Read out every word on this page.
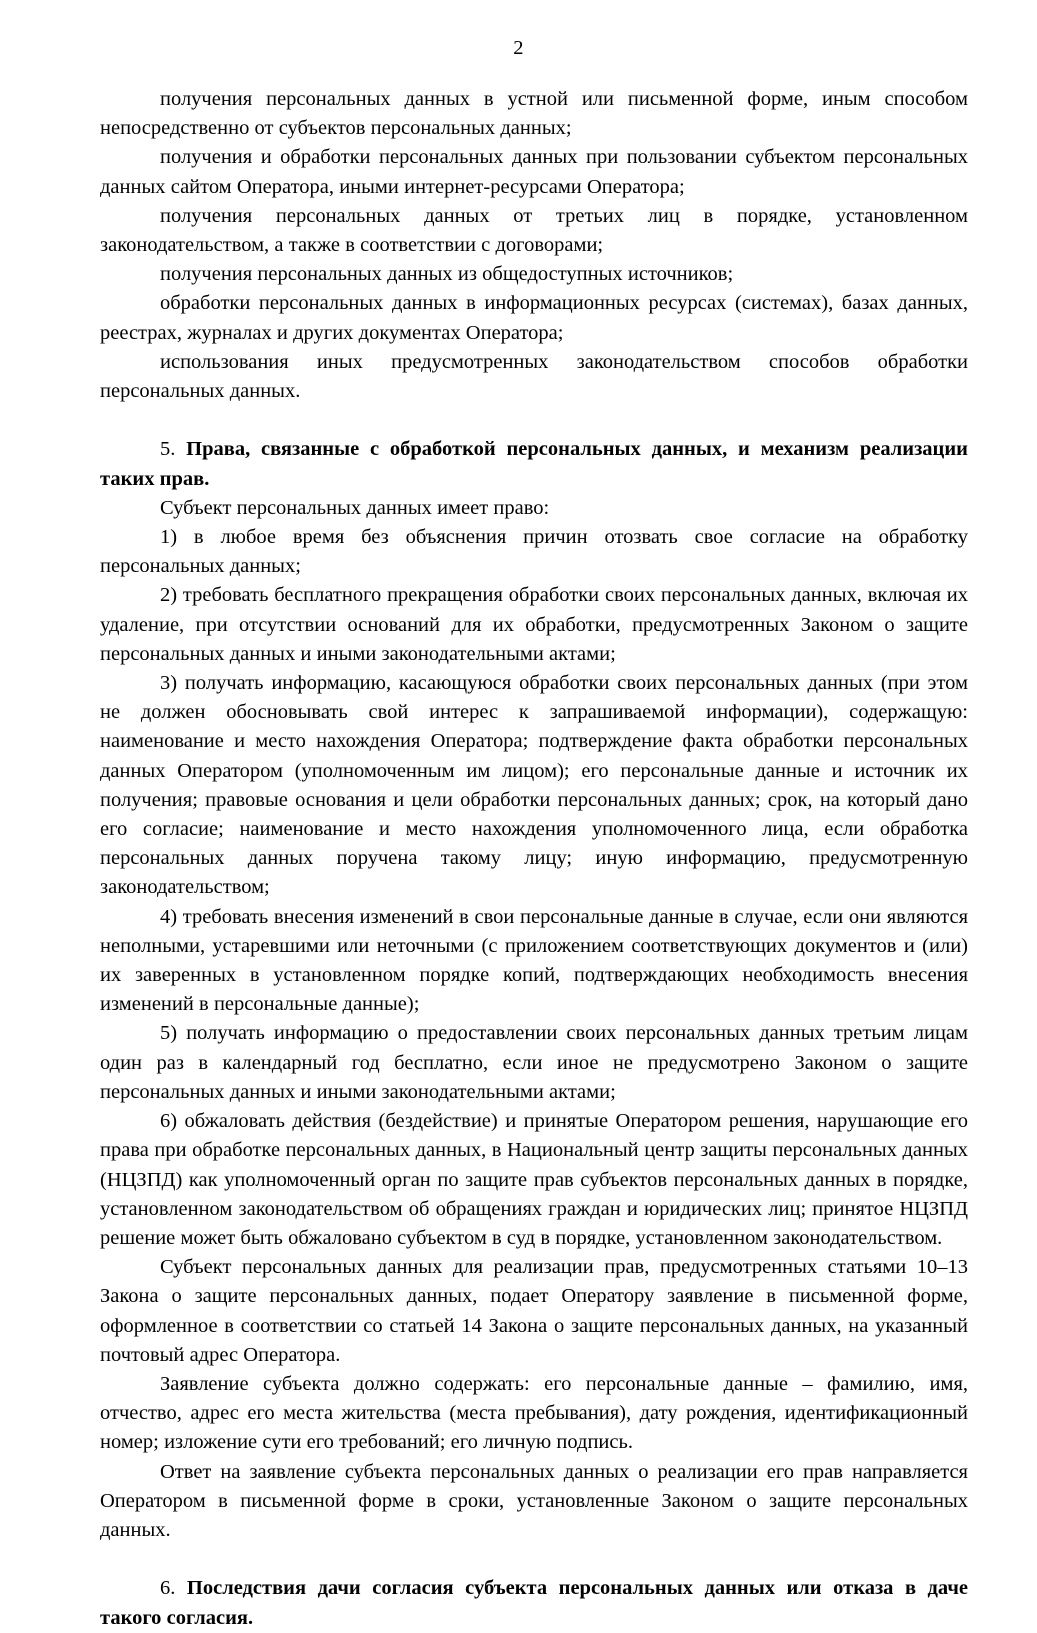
2

получения персональных данных в устной или письменной форме, иным способом непосредственно от субъектов персональных данных;

получения и обработки персональных данных при пользовании субъектом персональных данных сайтом Оператора, иными интернет-ресурсами Оператора;

получения персональных данных от третьих лиц в порядке, установленном законодательством, а также в соответствии с договорами;

получения персональных данных из общедоступных источников;

обработки персональных данных в информационных ресурсах (системах), базах данных, реестрах, журналах и других документах Оператора;

использования иных предусмотренных законодательством способов обработки персональных данных.

5. Права, связанные с обработкой персональных данных, и механизм реализации таких прав.

Субъект персональных данных имеет право:

1) в любое время без объяснения причин отозвать свое согласие на обработку персональных данных;

2) требовать бесплатного прекращения обработки своих персональных данных, включая их удаление, при отсутствии оснований для их обработки, предусмотренных Законом о защите персональных данных и иными законодательными актами;

3) получать информацию, касающуюся обработки своих персональных данных (при этом не должен обосновывать свой интерес к запрашиваемой информации), содержащую: наименование и место нахождения Оператора; подтверждение факта обработки персональных данных Оператором (уполномоченным им лицом); его персональные данные и источник их получения; правовые основания и цели обработки персональных данных; срок, на который дано его согласие; наименование и место нахождения уполномоченного лица, если обработка персональных данных поручена такому лицу; иную информацию, предусмотренную законодательством;

4) требовать внесения изменений в свои персональные данные в случае, если они являются неполными, устаревшими или неточными (с приложением соответствующих документов и (или) их заверенных в установленном порядке копий, подтверждающих необходимость внесения изменений в персональные данные);

5) получать информацию о предоставлении своих персональных данных третьим лицам один раз в календарный год бесплатно, если иное не предусмотрено Законом о защите персональных данных и иными законодательными актами;

6) обжаловать действия (бездействие) и принятые Оператором решения, нарушающие его права при обработке персональных данных, в Национальный центр защиты персональных данных (НЦЗПД) как уполномоченный орган по защите прав субъектов персональных данных в порядке, установленном законодательством об обращениях граждан и юридических лиц; принятое НЦЗПД решение может быть обжаловано субъектом в суд в порядке, установленном законодательством.

Субъект персональных данных для реализации прав, предусмотренных статьями 10–13 Закона о защите персональных данных, подает Оператору заявление в письменной форме, оформленное в соответствии со статьей 14 Закона о защите персональных данных, на указанный почтовый адрес Оператора.

Заявление субъекта должно содержать: его персональные данные – фамилию, имя, отчество, адрес его места жительства (места пребывания), дату рождения, идентификационный номер; изложение сути его требований; его личную подпись.

Ответ на заявление субъекта персональных данных о реализации его прав направляется Оператором в письменной форме в сроки, установленные Законом о защите персональных данных.

6. Последствия дачи согласия субъекта персональных данных или отказа в даче такого согласия.
